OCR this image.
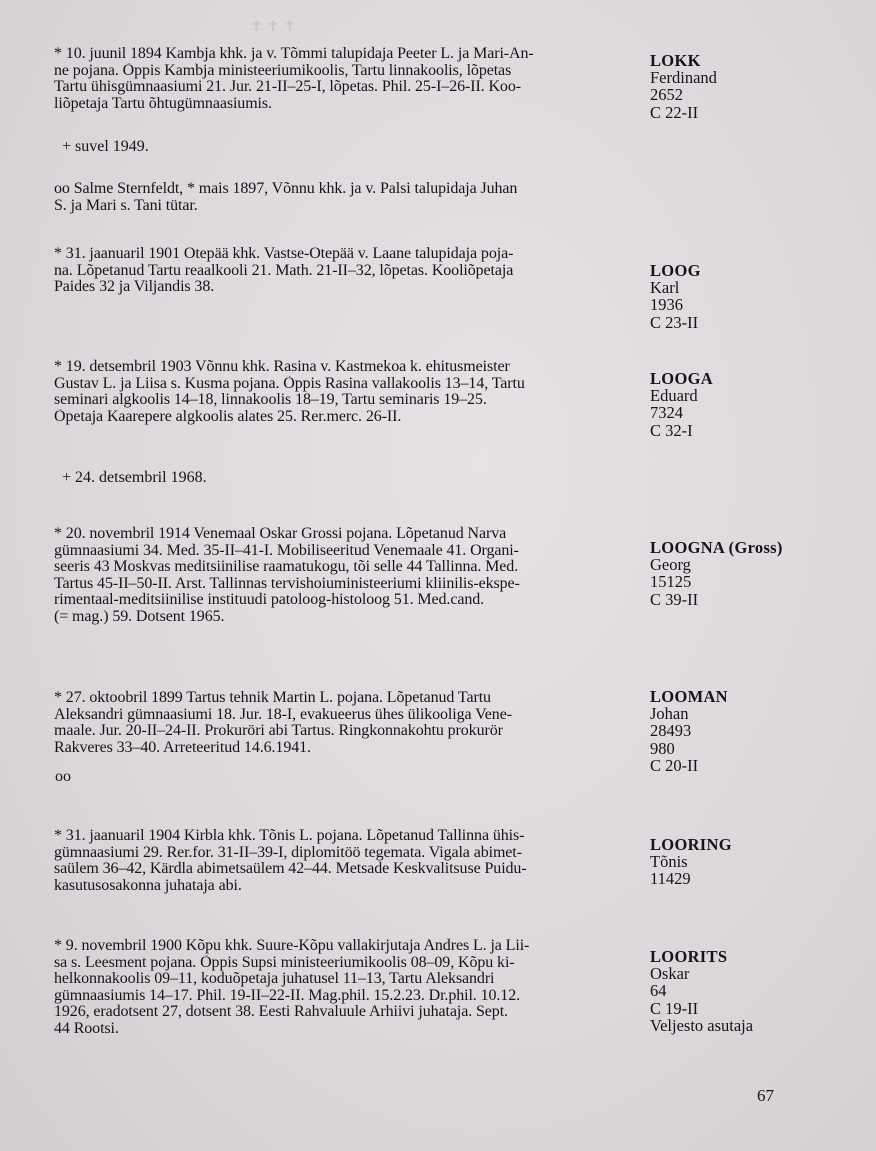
✝ ✝ ✝
* 10. juunil 1894 Kambja khk. ja v. Tõmmi talupidaja Peeter L. ja Mari-An-
ne pojana. Õppis Kambja ministeeriumikoolis, Tartu linnakoolis, lõpetas
Tartu ühisgümnaasiumi 21. Jur. 21-II–25-I, lõpetas. Phil. 25-I–26-II. Koo-
liõpetaja Tartu õhtugümnaasiumis.
+ suvel 1949.
oo Salme Sternfeldt, * mais 1897, Võnnu khk. ja v. Palsi talupidaja Juhan
S. ja Mari s. Tani tütar.
LOKK
Ferdinand
2652
C 22-II
* 31. jaanuaril 1901 Otepää khk. Vastse-Otepää v. Laane talupidaja poja-
na. Lõpetanud Tartu reaalkooli 21. Math. 21-II–32, lõpetas. Kooliõpetaja
Paides 32 ja Viljandis 38.
LOOG
Karl
1936
C 23-II
* 19. detsembril 1903 Võnnu khk. Rasina v. Kastmekoa k. ehitusmeister
Gustav L. ja Liisa s. Kusma pojana. Õppis Rasina vallakoolis 13–14, Tartu
seminari algkoolis 14–18, linnakoolis 18–19, Tartu seminaris 19–25.
Õpetaja Kaarepere algkoolis alates 25. Rer.merc. 26-II.
+ 24. detsembril 1968.
LOOGA
Eduard
7324
C 32-I
* 20. novembril 1914 Venemaal Oskar Grossi pojana. Lõpetanud Narva
gümnaasiumi 34. Med. 35-II–41-I. Mobiliseeritud Venemaale 41. Organi-
seeris 43 Moskvas meditsiinilise raamatukogu, tõi selle 44 Tallinna. Med.
Tartus 45-II–50-II. Arst. Tallinnas tervishoiuministeeriumi kliinilis-ekspe-
rimentaal-meditsiinilise instituudi patoloog-histoloog 51. Med.cand.
(= mag.) 59. Dotsent 1965.
LOOGNA (Gross)
Georg
15125
C 39-II
* 27. oktoobril 1899 Tartus tehnik Martin L. pojana. Lõpetanud Tartu
Aleksandri gümnaasiumi 18. Jur. 18-I, evakueerus ühes ülikooliga Vene-
maale. Jur. 20-II–24-II. Prokuröri abi Tartus. Ringkonnakohtu prokurör
Rakveres 33–40. Arreteeritud 14.6.1941.
oo
LOOMAN
Johan
28493
980
C 20-II
* 31. jaanuaril 1904 Kirbla khk. Tõnis L. pojana. Lõpetanud Tallinna ühis-
gümnaasiumi 29. Rer.for. 31-II–39-I, diplomitöö tegemata. Vigala abimet-
saülem 36–42, Kärdla abimetsaülem 42–44. Metsade Keskvalitsuse Puidu-
kasutusosakonna juhataja abi.
LOORING
Tõnis
11429
* 9. novembril 1900 Kõpu khk. Suure-Kõpu vallakirjutaja Andres L. ja Lii-
sa s. Leesment pojana. Õppis Supsi ministeeriumikoolis 08–09, Kõpu ki-
helkonnakoolis 09–11, koduõpetaja juhatusel 11–13, Tartu Aleksandri
gümnaasiumis 14–17. Phil. 19-II–22-II. Mag.phil. 15.2.23. Dr.phil. 10.12.
1926, eradotsent 27, dotsent 38. Eesti Rahvaluule Arhiivi juhataja. Sept.
44 Rootsi.
LOORITS
Oskar
64
C 19-II
Veljesto asutaja
67
